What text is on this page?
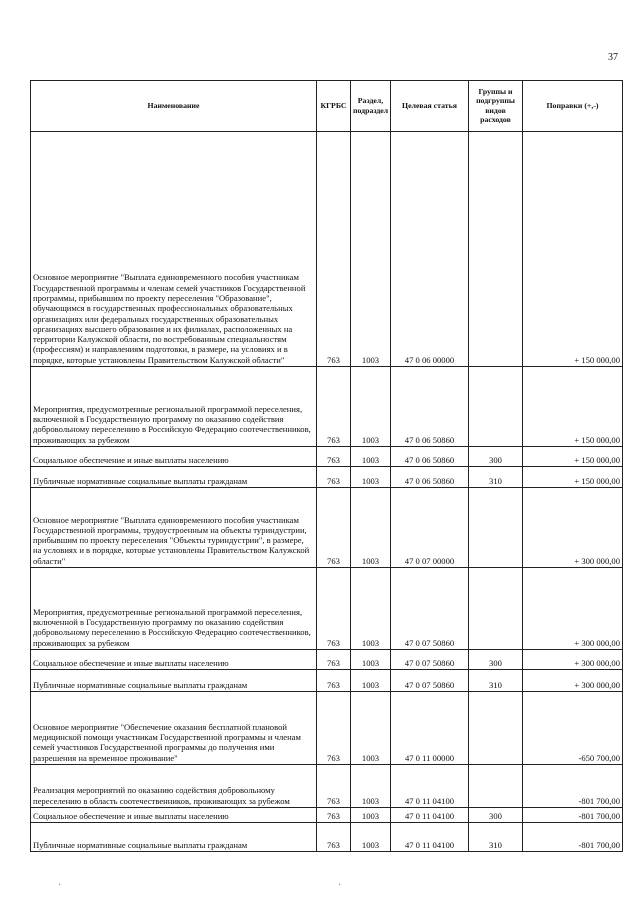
37
Наименование	КГРБС	Раздел, подраздел	Целевая статья	Группы и подгруппы видов расходов	Поправки (+,-)
Основное мероприятие "Выплата единовременного пособия участникам Государственной программы и членам семей участников Государственной программы, прибывшим по проекту переселения "Образование", обучающимся в государственных профессиональных образовательных организациях или федеральных государственных образовательных организациях высшего образования и их филиалах, расположенных на территории Калужской области, по востребованным специальностям (профессиям) и направлениям подготовки, в размере, на условиях и в порядке, которые установлены Правительством Калужской области"	763	1003	47 0 06 00000		+ 150 000,00
Мероприятия, предусмотренные региональной программой переселения, включенной в Государственную программу по оказанию содействия добровольному переселению в Российскую Федерацию соотечественников, проживающих за рубежом	763	1003	47 0 06 50860		+ 150 000,00
Социальное обеспечение и иные выплаты населению	763	1003	47 0 06 50860	300	+ 150 000,00
Публичные нормативные социальные выплаты гражданам	763	1003	47 0 06 50860	310	+ 150 000,00
Основное мероприятие "Выплата единовременного пособия участникам Государственной программы, трудоустроенным на объекты туриндустрии, прибывшим по проекту переселения "Объекты туриндустрии", в размере, на условиях и в порядке, которые установлены Правительством Калужской области"	763	1003	47 0 07 00000		+ 300 000,00
Мероприятия, предусмотренные региональной программой переселения, включенной в Государственную программу по оказанию содействия добровольному переселению в Российскую Федерацию соотечественников, проживающих за рубежом	763	1003	47 0 07 50860		+ 300 000,00
Социальное обеспечение и иные выплаты населению	763	1003	47 0 07 50860	300	+ 300 000,00
Публичные нормативные социальные выплаты гражданам	763	1003	47 0 07 50860	310	+ 300 000,00
Основное мероприятие "Обеспечение оказания бесплатной плановой медицинской помощи участникам Государственной программы и членам семей участников Государственной программы до получения ими разрешения на временное проживание"	763	1003	47 0 11 00000		-650 700,00
Реализация мероприятий по оказанию содействия добровольному переселению в область соотечественников, проживающих за рубежом	763	1003	47 0 11 04100		-801 700,00
Социальное обеспечение и иные выплаты населению	763	1003	47 0 11 04100	300	-801 700,00
Публичные нормативные социальные выплаты гражданам	763	1003	47 0 11 04100	310	-801 700,00
·	·
